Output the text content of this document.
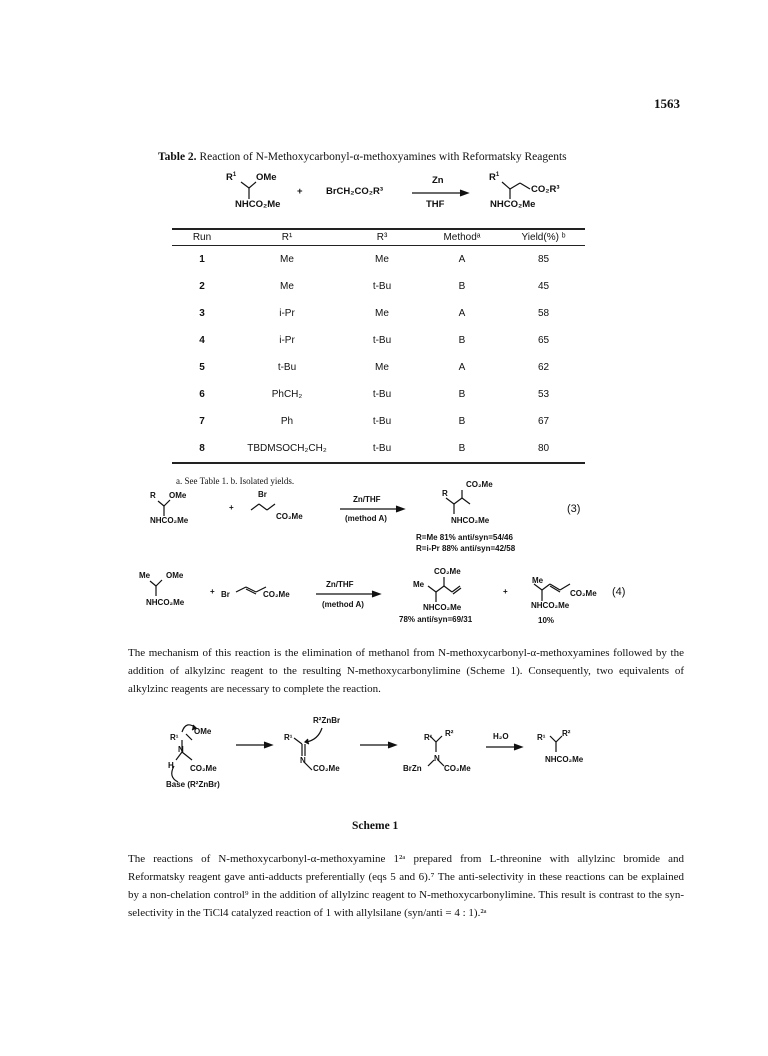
1563
Table 2. Reaction of N-Methoxycarbonyl-α-methoxyamines with Reformatsky Reagents
$R^1$ OMe
NHCO₂Me
+ BrCH₂CO₂R³
Zn
THF
$R^1$
CO₂R³
NHCO₂Me
Run	R¹	R³	Methodᵃ	Yield(%) ᵇ
1	Me	Me	A	85
2	Me	t-Bu	B	45
3	i-Pr	Me	A	58
4	i-Pr	t-Bu	B	65
5	t-Bu	Me	A	62
6	PhCH₂	t-Bu	B	53
7	Ph	t-Bu	B	67
8	TBDMSOCH₂CH₂	t-Bu	B	80
a. See Table 1. b. Isolated yields.
R OMe
NHCO₂Me
+
Br
CO₂Me
Zn/THF
(method A)
R
CO₂Me
NHCO₂Me
(3)
R=Me 81% anti/syn=54/46
R=i-Pr 88% anti/syn=42/58
Me OMe
NHCO₂Me
+ Br	CO₂Me
Zn/THF
(method A)
Me
CO₂Me
NHCO₂Me
78% anti/syn=69/31
+
Me
CO₂Me
NHCO₂Me
10%
(4)
The mechanism of this reaction is the elimination of methanol from N-methoxycarbonyl-α-methoxyamines followed by the addition of alkylzinc reagent to the resulting N-methoxycarbonylimine (Scheme 1). Consequently, two equivalents of alkylzinc reagents are necessary to complete the reaction.
R¹
OMe
N
H CO₂Me
Base (R²ZnBr)
R²ZnBr
R¹
N
CO₂Me
R¹ R²
N
BrZn	CO₂Me
H₂O	R¹ R²
NHCO₂Me
Scheme 1
The reactions of N-methoxycarbonyl-α-methoxyamine 1²ᵃ prepared from L-threonine with allylzinc bromide and Reformatsky reagent gave anti-adducts preferentially (eqs 5 and 6).⁷ The anti-selectivity in these reactions can be explained by a non-chelation control⁹ in the addition of allylzinc reagent to N-methoxycarbonylimine. This result is contrast to the syn-selectivity in the TiCl4 catalyzed reaction of 1 with allylsilane (syn/anti = 4 : 1).²ᵃ
